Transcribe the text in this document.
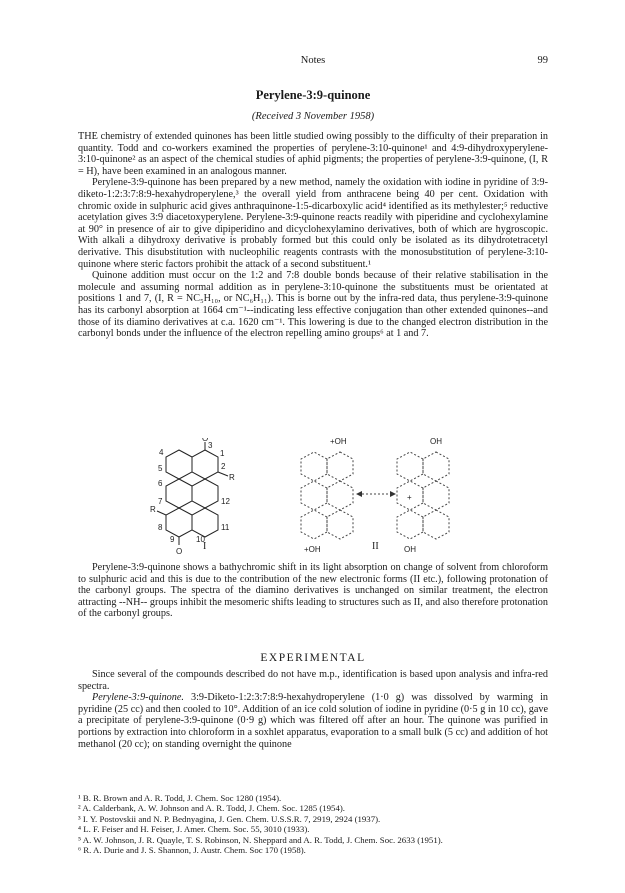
Notes	99
Perylene-3:9-quinone
(Received 3 November 1958)

THE chemistry of extended quinones has been little studied owing possibly to the difficulty of their preparation in quantity. Todd and co-workers examined the properties of perylene-3:10-quinone¹ and 4:9-dihydroxyperylene-3:10-quinone² as an aspect of the chemical studies of aphid pigments; the properties of perylene-3:9-quinone, (I, R = H), have been examined in an analogous manner.

Perylene-3:9-quinone has been prepared by a new method, namely the oxidation with iodine in pyridine of 3:9-diketo-1:2:3:7:8:9-hexahydroperylene,³ the overall yield from anthracene being 40 per cent. Oxidation with chromic oxide in sulphuric acid gives anthraquinone-1:5-dicarboxylic acid⁴ identified as its methylester;⁵ reductive acetylation gives 3:9 diacetoxyperylene. Perylene-3:9-quinone reacts readily with piperidine and cyclohexylamine at 90° in presence of air to give dipiperidino and dicyclohexylamino derivatives, both of which are hygroscopic. With alkali a dihydroxy derivative is probably formed but this could only be isolated as its dihydrotetracetyl derivative. This disubstitution with nucleophilic reagents contrasts with the monosubstitution of perylene-3:10-quinone where steric factors prohibit the attack of a second substituent.¹

Quinone addition must occur on the 1:2 and 7:8 double bonds because of their relative stabilisation in the molecule and assuming normal addition as in perylene-3:10-quinone the substituents must be orientated at positions 1 and 7, (I, R = NC₅H₁₀, or NC₆H₁₁). This is borne out by the infra-red data, thus perylene-3:9-quinone has its carbonyl absorption at 1664 cm⁻¹--indicating less effective conjugation than other extended quinones--and those of its diamino derivatives at c.a. 1620 cm⁻¹. This lowering is due to the changed electron distribution in the carbonyl bonds under the influence of the electron repelling amino groups⁶ at 1 and 7.

O
O
R
R
1
2
3
4
5
6
7
8
9	10
11
12
+OH
+OH
OH
OH
+
I	II

Perylene-3:9-quinone shows a bathychromic shift in its light absorption on change of solvent from chloroform to sulphuric acid and this is due to the contribution of the new electronic forms (II etc.), following protonation of the carbonyl groups. The spectra of the diamino derivatives is unchanged on similar treatment, the electron attracting --NH-- groups inhibit the mesomeric shifts leading to structures such as II, and also therefore protonation of the carbonyl groups.

EXPERIMENTAL

Since several of the compounds described do not have m.p., identification is based upon analysis and infra-red spectra.

Perylene-3:9-quinone. 3:9-Diketo-1:2:3:7:8:9-hexahydroperylene (1·0 g) was dissolved by warming in pyridine (25 cc) and then cooled to 10°. Addition of an ice cold solution of iodine in pyridine (0·5 g in 10 cc), gave a precipitate of perylene-3:9-quinone (0·9 g) which was filtered off after an hour. The quinone was purified in portions by extraction into chloroform in a soxhlet apparatus, evaporation to a small bulk (5 cc) and addition of hot methanol (20 cc); on standing overnight the quinone

¹ B. R. Brown and A. R. Todd, J. Chem. Soc 1280 (1954).
² A. Calderbank, A. W. Johnson and A. R. Todd, J. Chem. Soc. 1285 (1954).
³ I. Y. Postovskii and N. P. Bednyagina, J. Gen. Chem. U.S.S.R. 7, 2919, 2924 (1937).
⁴ L. F. Feiser and H. Feiser, J. Amer. Chem. Soc. 55, 3010 (1933).
⁵ A. W. Johnson, J. R. Quayle, T. S. Robinson, N. Sheppard and A. R. Todd, J. Chem. Soc. 2633 (1951).
⁶ R. A. Durie and J. S. Shannon, J. Austr. Chem. Soc 170 (1958).
